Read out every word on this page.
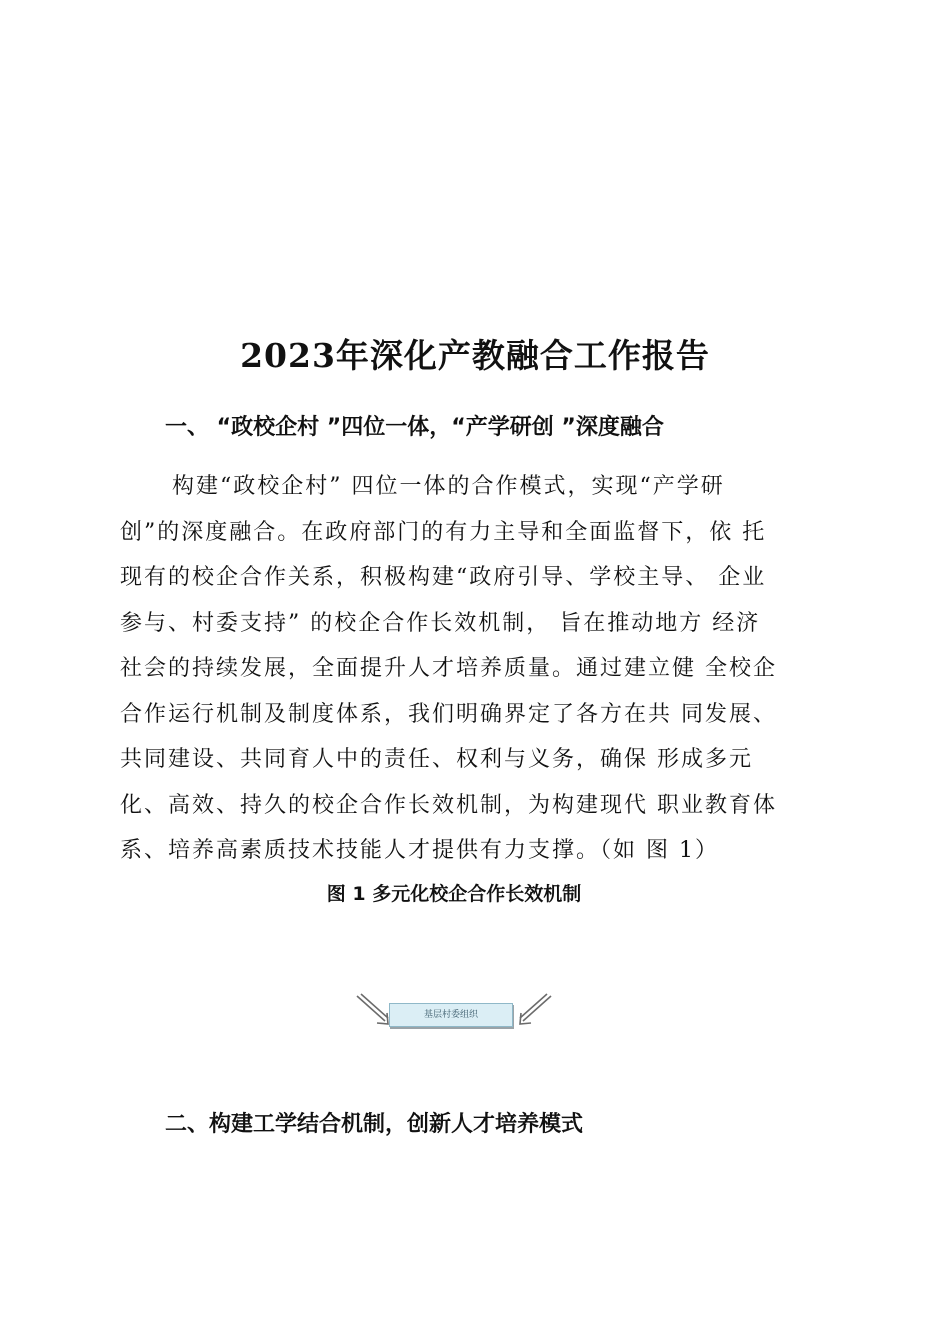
2023年深化产教融合工作报告
一、 “政校企村 ”四位一体，“产学研创 ”深度融合
构建“政校企村” 四位一体的合作模式，实现“产学研
创”的深度融合。在政府部门的有力主导和全面监督下，依 托
现有的校企合作关系，积极构建“政府引导、学校主导、 企业
参与、村委支持” 的校企合作长效机制， 旨在推动地方 经济
社会的持续发展，全面提升人才培养质量。通过建立健 全校企
合作运行机制及制度体系，我们明确界定了各方在共 同发展、
共同建设、共同育人中的责任、权利与义务，确保 形成多元
化、高效、持久的校企合作长效机制，为构建现代 职业教育体
系、培养高素质技术技能人才提供有力支撑。（如 图 1）

图 1 多元化校企合作长效机制

基层村委组织
二、构建工学结合机制，创新人才培养模式
